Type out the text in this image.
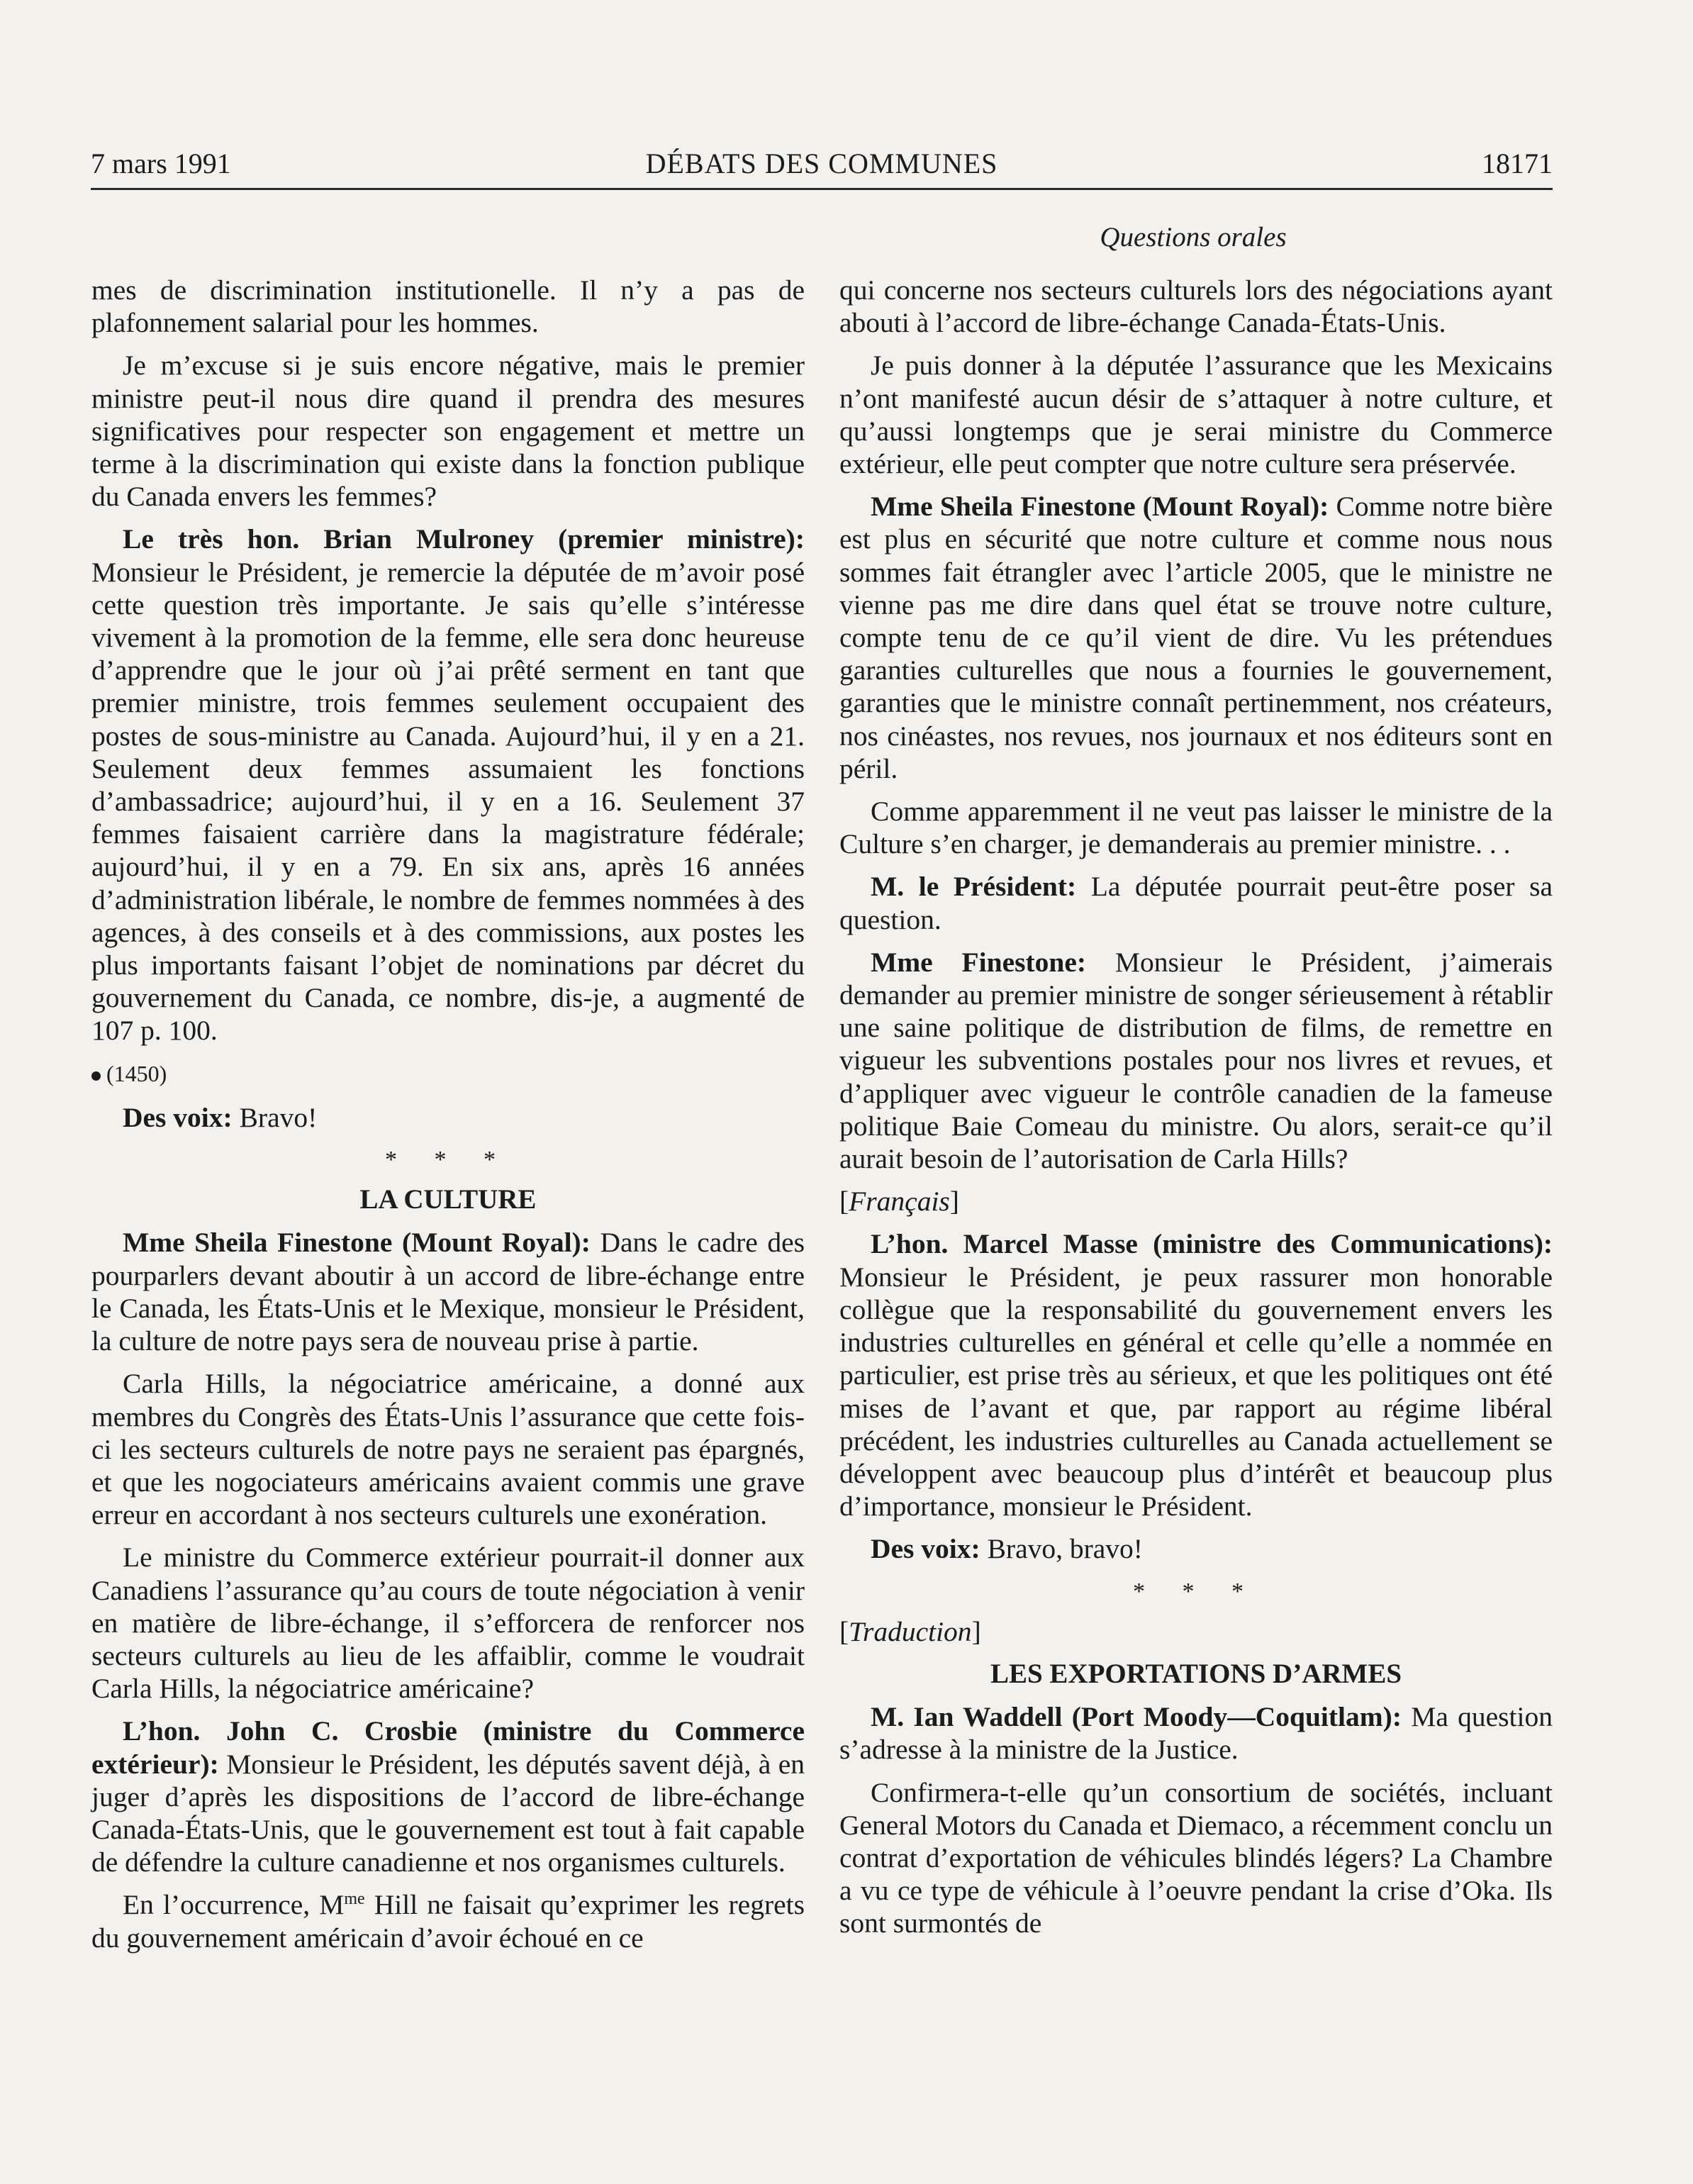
7 mars 1991	DÉBATS DES COMMUNES	18171
Questions orales

mes de discrimination institutionelle. Il n’y a pas de plafonnement salarial pour les hommes.

Je m’excuse si je suis encore négative, mais le premier ministre peut-il nous dire quand il prendra des mesures significatives pour respecter son engagement et mettre un terme à la discrimination qui existe dans la fonction publique du Canada envers les femmes?

Le très hon. Brian Mulroney (premier ministre): Monsieur le Président, je remercie la députée de m’avoir posé cette question très importante. Je sais qu’elle s’intéresse vivement à la promotion de la femme, elle sera donc heureuse d’apprendre que le jour où j’ai prêté serment en tant que premier ministre, trois femmes seulement occupaient des postes de sous-ministre au Canada. Aujourd’hui, il y en a 21. Seulement deux femmes assumaient les fonctions d’ambassadrice; aujourd’hui, il y en a 16. Seulement 37 femmes faisaient carrière dans la magistrature fédérale; aujourd’hui, il y en a 79. En six ans, après 16 années d’administration libérale, le nombre de femmes nommées à des agences, à des conseils et à des commissions, aux postes les plus importants faisant l’objet de nominations par décret du gouvernement du Canada, ce nombre, dis-je, a augmenté de 107 p. 100.

(1450)

Des voix: Bravo!

* * *
LA CULTURE

Mme Sheila Finestone (Mount Royal): Dans le cadre des pourparlers devant aboutir à un accord de libre-échange entre le Canada, les États-Unis et le Mexique, monsieur le Président, la culture de notre pays sera de nouveau prise à partie.

Carla Hills, la négociatrice américaine, a donné aux membres du Congrès des États-Unis l’assurance que cette fois-ci les secteurs culturels de notre pays ne seraient pas épargnés, et que les nogociateurs américains avaient commis une grave erreur en accordant à nos secteurs culturels une exonération.

Le ministre du Commerce extérieur pourrait-il donner aux Canadiens l’assurance qu’au cours de toute négociation à venir en matière de libre-échange, il s’efforcera de renforcer nos secteurs culturels au lieu de les affaiblir, comme le voudrait Carla Hills, la négociatrice américaine?

L’hon. John C. Crosbie (ministre du Commerce extérieur): Monsieur le Président, les députés savent déjà, à en juger d’après les dispositions de l’accord de libre-échange Canada-États-Unis, que le gouvernement est tout à fait capable de défendre la culture canadienne et nos organismes culturels.

En l’occurrence, $M^{me}$ Hill ne faisait qu’exprimer les regrets du gouvernement américain d’avoir échoué en ce

qui concerne nos secteurs culturels lors des négociations ayant abouti à l’accord de libre-échange Canada-États-Unis.

Je puis donner à la députée l’assurance que les Mexicains n’ont manifesté aucun désir de s’attaquer à notre culture, et qu’aussi longtemps que je serai ministre du Commerce extérieur, elle peut compter que notre culture sera préservée.

Mme Sheila Finestone (Mount Royal): Comme notre bière est plus en sécurité que notre culture et comme nous nous sommes fait étrangler avec l’article 2005, que le ministre ne vienne pas me dire dans quel état se trouve notre culture, compte tenu de ce qu’il vient de dire. Vu les prétendues garanties culturelles que nous a fournies le gouvernement, garanties que le ministre connaît pertinemment, nos créateurs, nos cinéastes, nos revues, nos journaux et nos éditeurs sont en péril.

Comme apparemment il ne veut pas laisser le ministre de la Culture s’en charger, je demanderais au premier ministre. . .

M. le Président: La députée pourrait peut-être poser sa question.

Mme Finestone: Monsieur le Président, j’aimerais demander au premier ministre de songer sérieusement à rétablir une saine politique de distribution de films, de remettre en vigueur les subventions postales pour nos livres et revues, et d’appliquer avec vigueur le contrôle canadien de la fameuse politique Baie Comeau du ministre. Ou alors, serait-ce qu’il aurait besoin de l’autorisation de Carla Hills?

[Français]

L’hon. Marcel Masse (ministre des Communications): Monsieur le Président, je peux rassurer mon honorable collègue que la responsabilité du gouvernement envers les industries culturelles en général et celle qu’elle a nommée en particulier, est prise très au sérieux, et que les politiques ont été mises de l’avant et que, par rapport au régime libéral précédent, les industries culturelles au Canada actuellement se développent avec beaucoup plus d’intérêt et beaucoup plus d’importance, monsieur le Président.

Des voix: Bravo, bravo!

* * *
[Traduction]
LES EXPORTATIONS D’ARMES

M. Ian Waddell (Port Moody—Coquitlam): Ma question s’adresse à la ministre de la Justice.

Confirmera-t-elle qu’un consortium de sociétés, incluant General Motors du Canada et Diemaco, a récemment conclu un contrat d’exportation de véhicules blindés légers? La Chambre a vu ce type de véhicule à l’oeuvre pendant la crise d’Oka. Ils sont surmontés de
